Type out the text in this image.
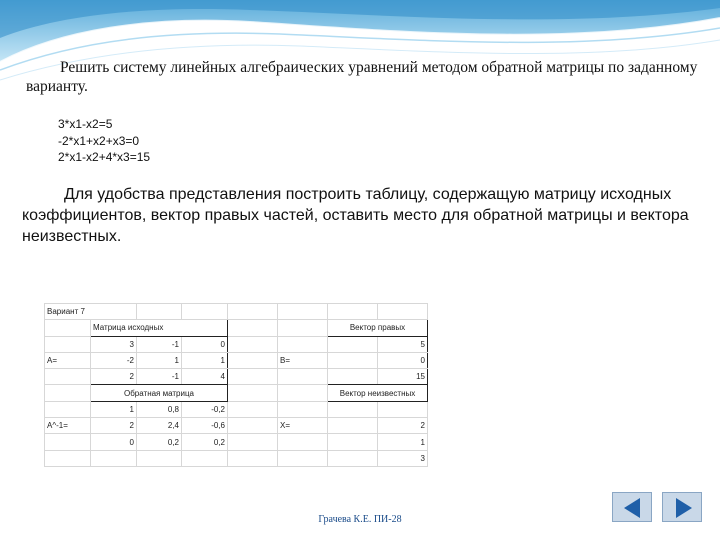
Решить систему линейных алгебраических уравнений методом обратной матрицы по заданному варианту.
3*x1-x2=5
-2*x1+x2+x3=0
2*x1-x2+4*x3=15
Для удобства представления построить таблицу, содержащую матрицу исходных коэффициентов, вектор правых частей, оставить место для обратной матрицы и вектора неизвестных.
Вариант 7							
	Матрица исходных					Вектор правых	
	3	-1	0				5
A=	-2	1	1		B=		0
	2	-1	4				15
	Обратная матрица					Вектор неизвестных	
	1	0,8	-0,2				
A^-1=	2	2,4	-0,6		X=		2
	0	0,2	0,2				1
							3
Грачева К.Е. ПИ-28
